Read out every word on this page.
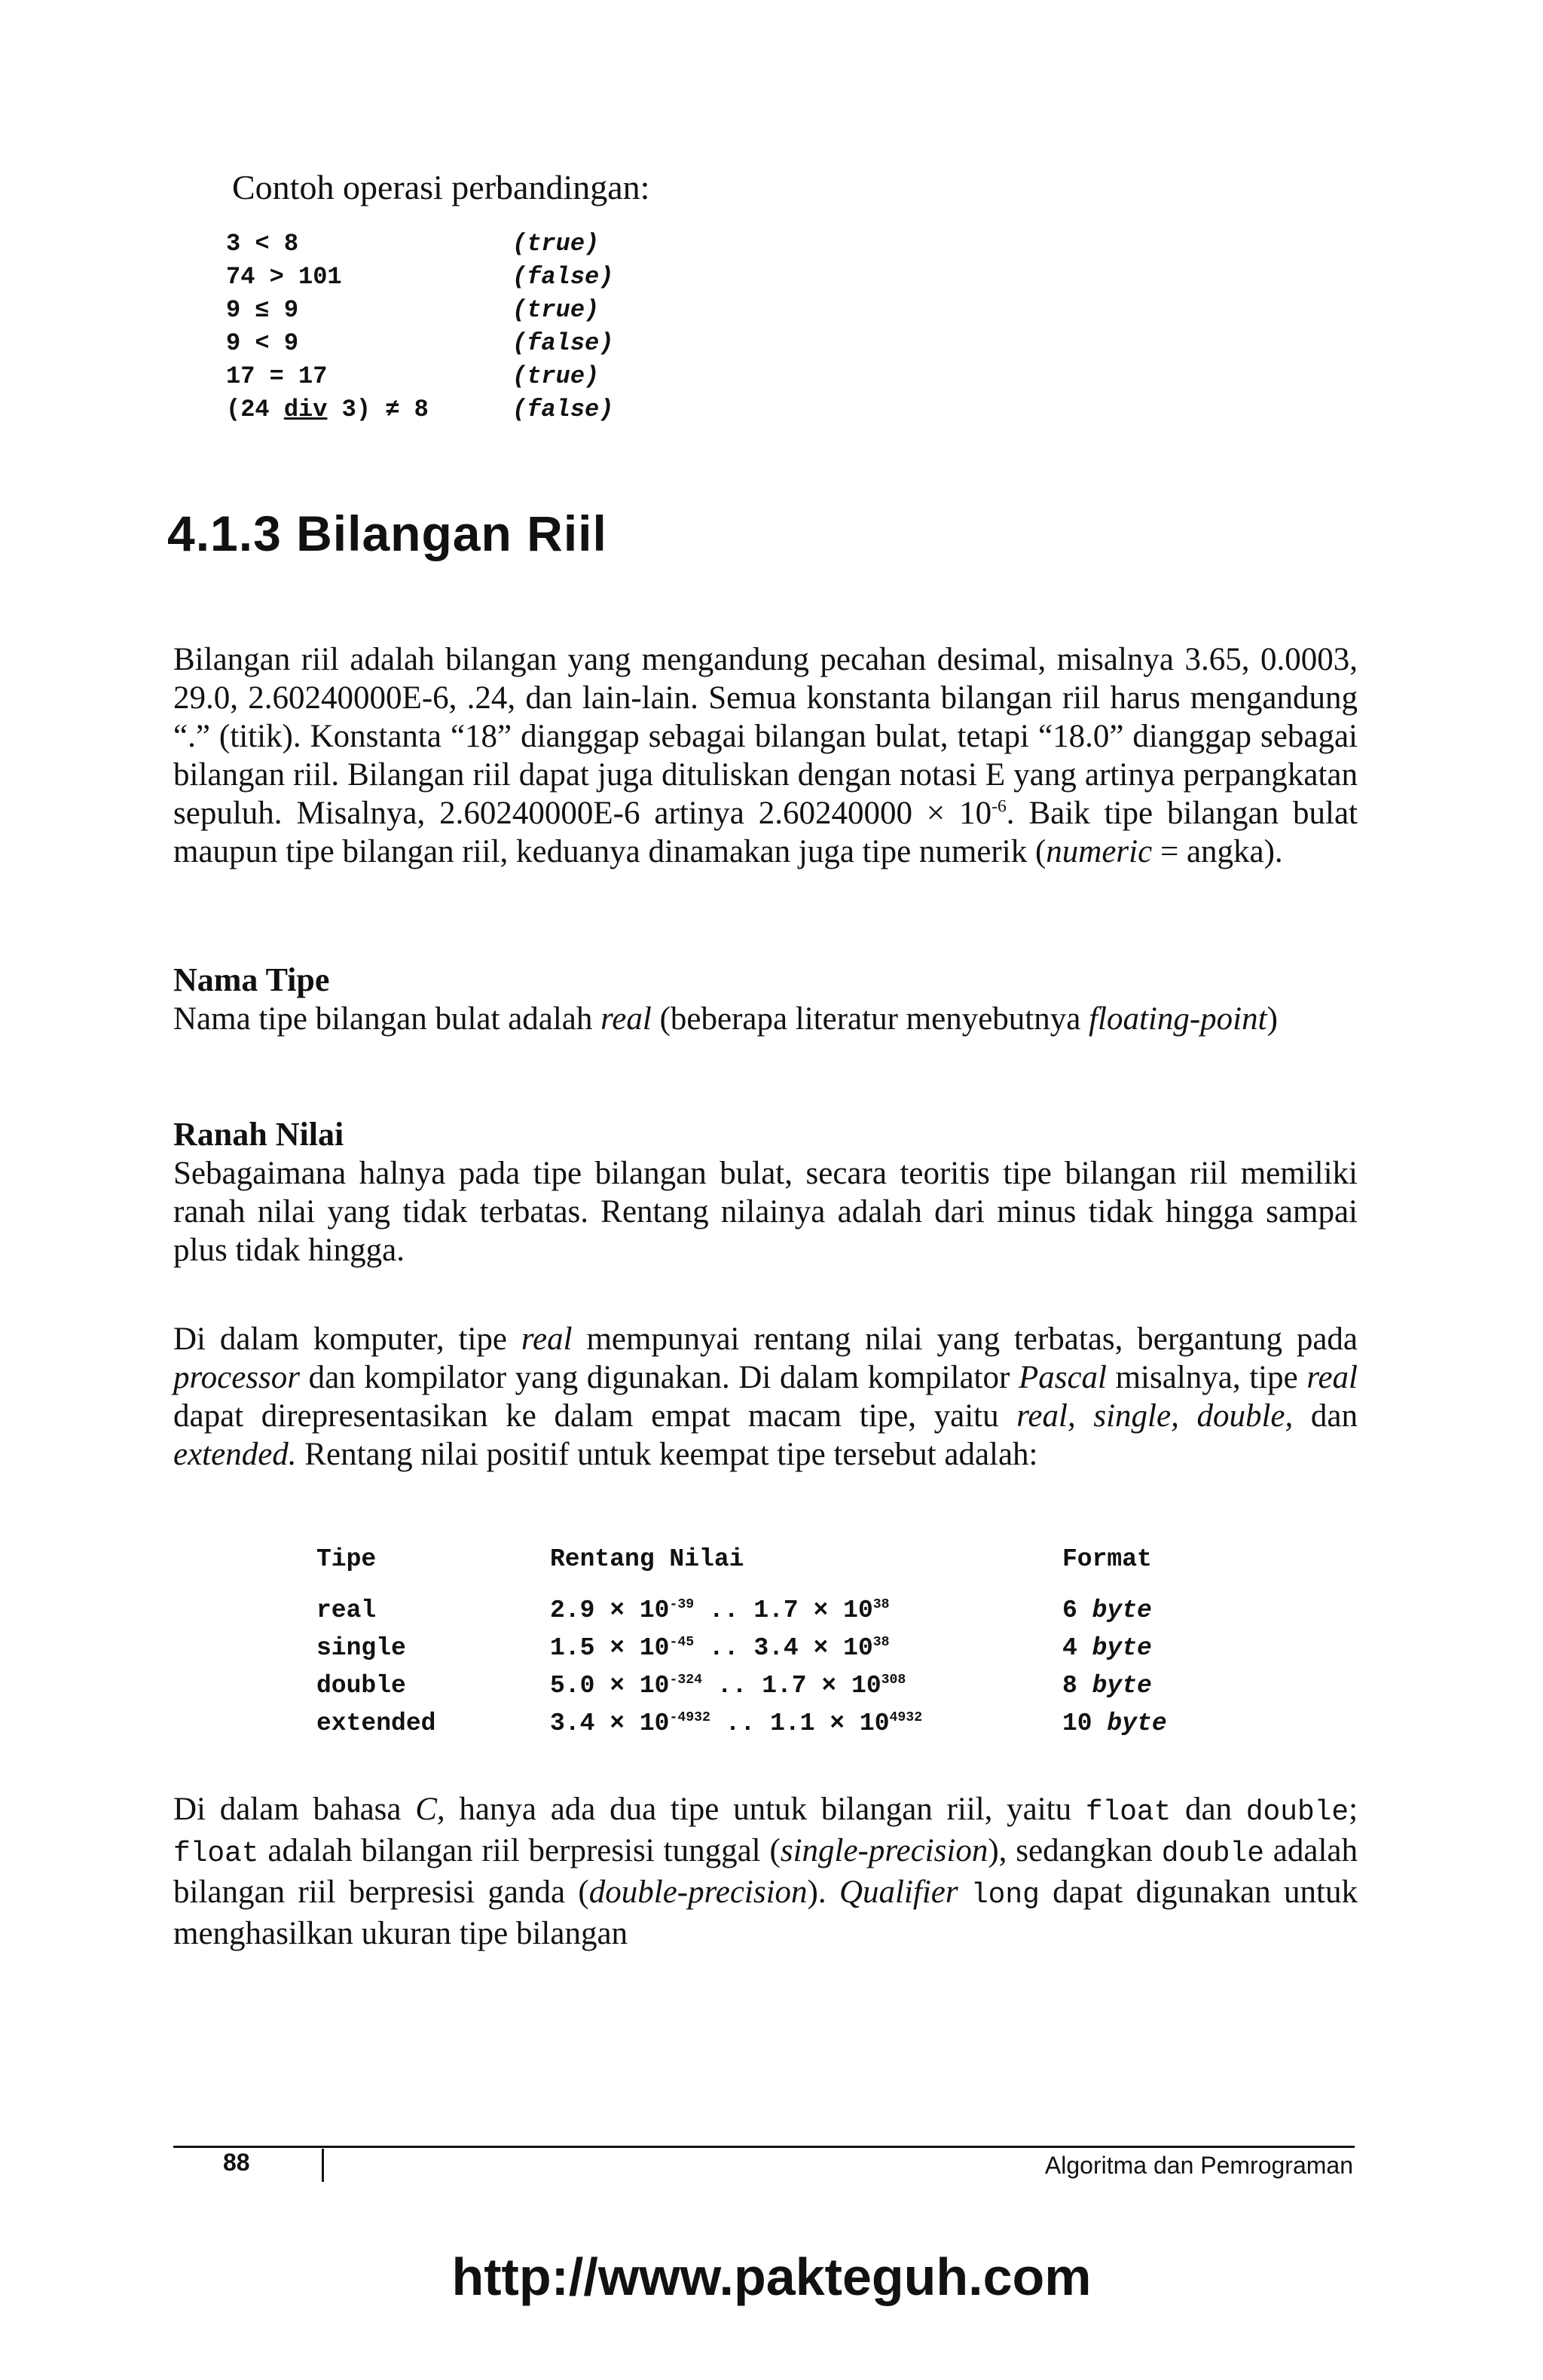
Contoh operasi perbandingan:
3 < 8	(true)
74 > 101	(false)
9 ≤ 9	(true)
9 < 9	(false)
17 = 17	(true)
(24 div 3) ≠ 8	(false)
4.1.3 Bilangan Riil

Bilangan riil adalah bilangan yang mengandung pecahan desimal, misalnya 3.65, 0.0003, 29.0, 2.60240000E-6, .24, dan lain-lain. Semua konstanta bilangan riil harus mengandung “.” (titik). Konstanta “18” dianggap sebagai bilangan bulat, tetapi “18.0” dianggap sebagai bilangan riil. Bilangan riil dapat juga dituliskan dengan notasi E yang artinya perpangkatan sepuluh. Misalnya, 2.60240000E-6 artinya $2.60240000 \times 10^{-6}$. Baik tipe bilangan bulat maupun tipe bilangan riil, keduanya dinamakan juga tipe numerik (numeric = angka).

Nama Tipe

Nama tipe bilangan bulat adalah real (beberapa literatur menyebutnya floating-point)

Ranah Nilai

Sebagaimana halnya pada tipe bilangan bulat, secara teoritis tipe bilangan riil memiliki ranah nilai yang tidak terbatas. Rentang nilainya adalah dari minus tidak hingga sampai plus tidak hingga.

Di dalam komputer, tipe real mempunyai rentang nilai yang terbatas, bergantung pada processor dan kompilator yang digunakan. Di dalam kompilator Pascal misalnya, tipe real dapat direpresentasikan ke dalam empat macam tipe, yaitu real, single, double, dan extended. Rentang nilai positif untuk keempat tipe tersebut adalah:

Tipe	Rentang Nilai	Format
real	$2.9 \times 10^{-39}$ .. $1.7 \times 10^{38}$	6 byte
single	$1.5 \times 10^{-45}$ .. $3.4 \times 10^{38}$	4 byte
double	$5.0 \times 10^{-324}$ .. $1.7 \times 10^{308}$	8 byte
extended	$3.4 \times 10^{-4932}$ .. $1.1 \times 10^{4932}$	10 byte

Di dalam bahasa C, hanya ada dua tipe untuk bilangan riil, yaitu float dan double; float adalah bilangan riil berpresisi tunggal (single-precision), sedangkan double adalah bilangan riil berpresisi ganda (double-precision). Qualifier long dapat digunakan untuk menghasilkan ukuran tipe bilangan

88	Algoritma dan Pemrograman
http://www.pakteguh.com
